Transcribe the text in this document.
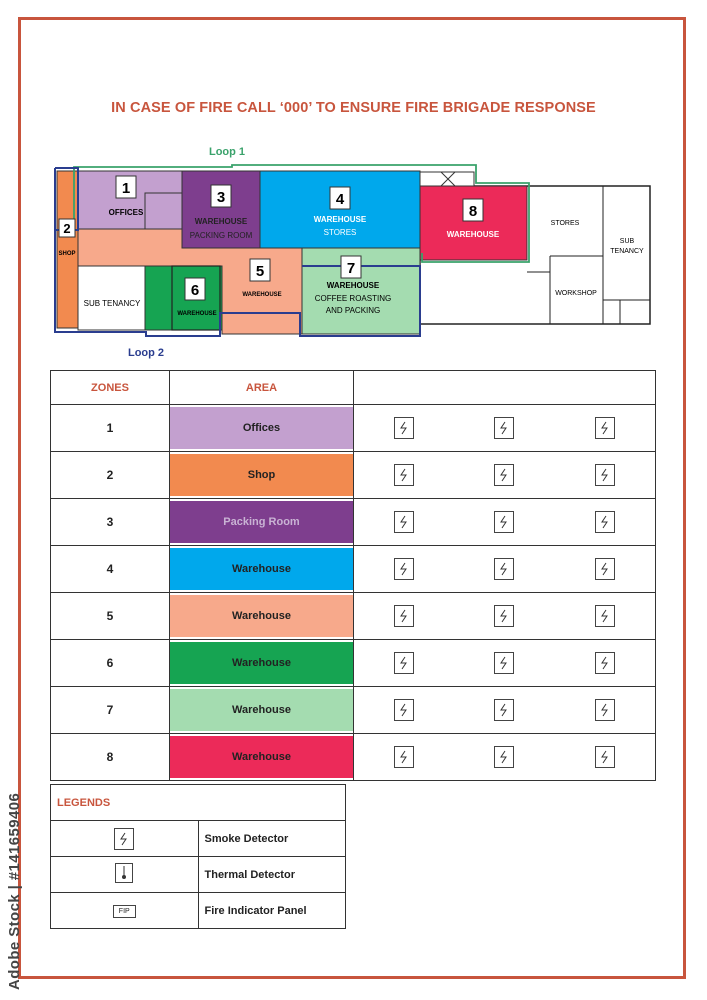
IN CASE OF FIRE CALL ‘000’ TO ENSURE FIRE BRIGADE RESPONSE
Loop 1
Loop 2
1
OFFICES
2
SHOP
3
WAREHOUSE
PACKING ROOM
4
WAREHOUSE
STORES
8
WAREHOUSE
5
WAREHOUSE
6
WAREHOUSE
7
WAREHOUSE
COFFEE ROASTING
AND PACKING
SUB TENANCY
STORES
SUB
TENANCY
WORKSHOP
ZONES	AREA	
1	Offices

2	Shop

3	Packing Room

4	Warehouse

5	Warehouse

6	Warehouse

7	Warehouse

8	Warehouse

LEGENDS	

	Smoke Detector

	Thermal Detector
FIP	Fire Indicator Panel
Adobe Stock | #141659406
